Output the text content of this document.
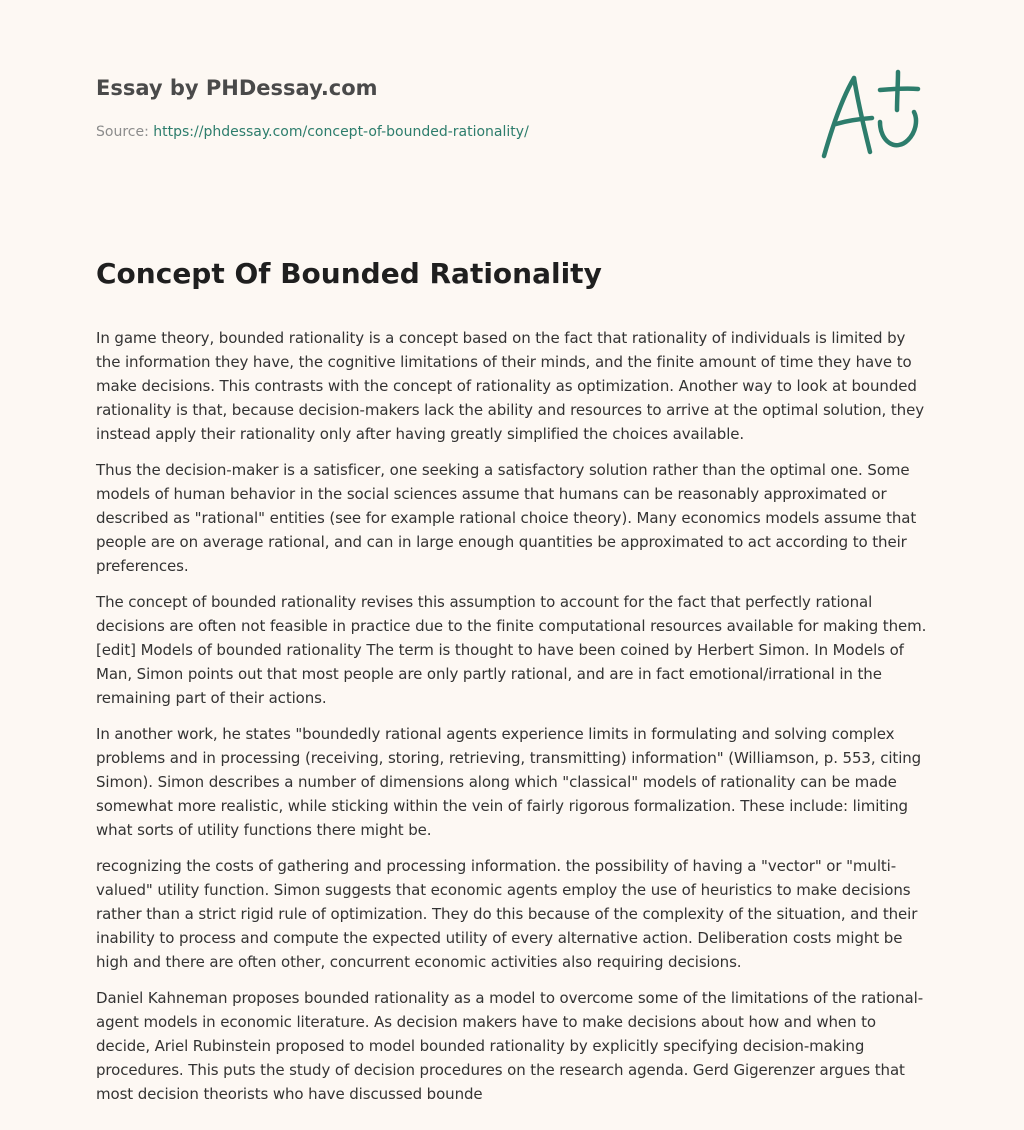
Essay by PHDessay.com
Source: https://phdessay.com/concept-of-bounded-rationality/
Concept Of Bounded Rationality

In game theory, bounded rationality is a concept based on the fact that rationality of individuals is limited by the information they have, the cognitive limitations of their minds, and the finite amount of time they have to make decisions. This contrasts with the concept of rationality as optimization. Another way to look at bounded rationality is that, because decision-makers lack the ability and resources to arrive at the optimal solution, they instead apply their rationality only after having greatly simplified the choices available.

Thus the decision-maker is a satisficer, one seeking a satisfactory solution rather than the optimal one. Some models of human behavior in the social sciences assume that humans can be reasonably approximated or described as "rational" entities (see for example rational choice theory). Many economics models assume that people are on average rational, and can in large enough quantities be approximated to act according to their preferences.

The concept of bounded rationality revises this assumption to account for the fact that perfectly rational decisions are often not feasible in practice due to the finite computational resources available for making them. [edit] Models of bounded rationality The term is thought to have been coined by Herbert Simon. In Models of Man, Simon points out that most people are only partly rational, and are in fact emotional/irrational in the remaining part of their actions.

In another work, he states "boundedly rational agents experience limits in formulating and solving complex problems and in processing (receiving, storing, retrieving, transmitting) information" (Williamson, p. 553, citing Simon). Simon describes a number of dimensions along which "classical" models of rationality can be made somewhat more realistic, while sticking within the vein of fairly rigorous formalization. These include: limiting what sorts of utility functions there might be.

recognizing the costs of gathering and processing information. the possibility of having a "vector" or "multi-valued" utility function. Simon suggests that economic agents employ the use of heuristics to make decisions rather than a strict rigid rule of optimization. They do this because of the complexity of the situation, and their inability to process and compute the expected utility of every alternative action. Deliberation costs might be high and there are often other, concurrent economic activities also requiring decisions.

Daniel Kahneman proposes bounded rationality as a model to overcome some of the limitations of the rational-agent models in economic literature. As decision makers have to make decisions about how and when to decide, Ariel Rubinstein proposed to model bounded rationality by explicitly specifying decision-making procedures. This puts the study of decision procedures on the research agenda. Gerd Gigerenzer argues that most decision theorists who have discussed bounde
